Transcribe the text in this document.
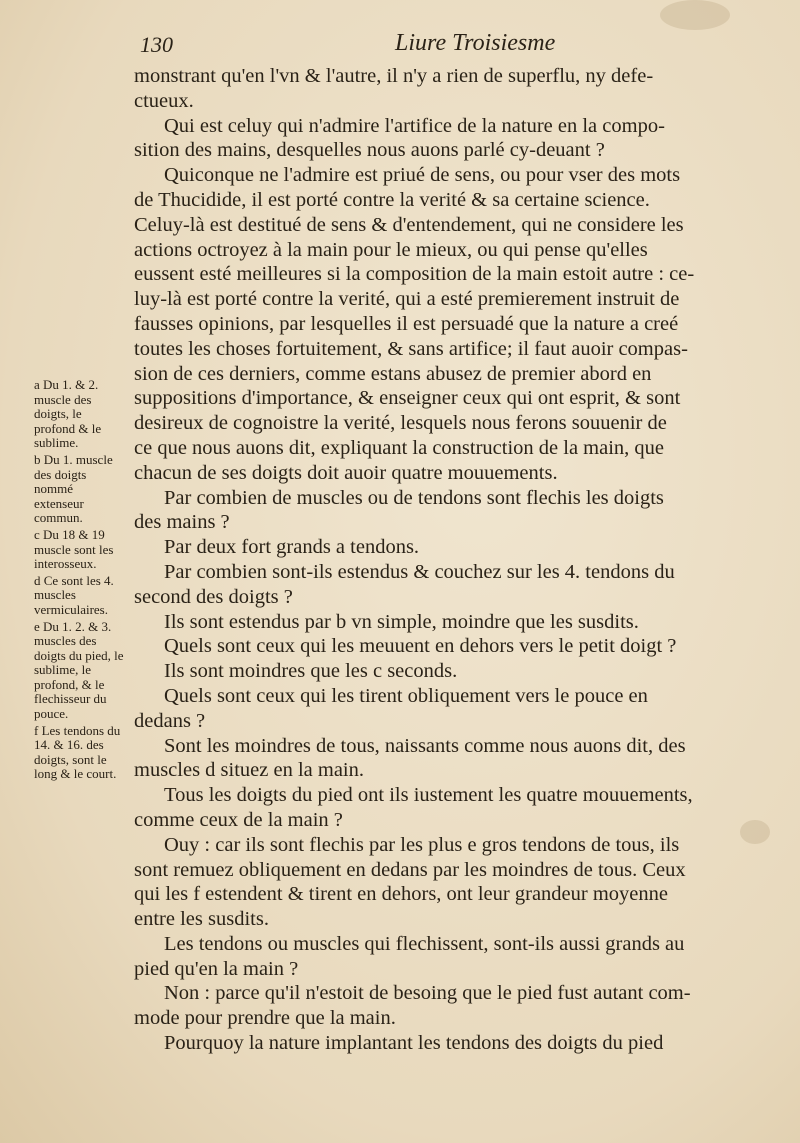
130	Liure Troisiesme

a Du 1. & 2. muscle des doigts, le profond & le sublime.

b Du 1. muscle des doigts nommé extenseur commun.

c Du 18 & 19 muscle sont les interosseux.

d Ce sont les 4. muscles vermiculaires.

e Du 1. 2. & 3. muscles des doigts du pied, le sublime, le profond, & le flechisseur du pouce.

f Les tendons du 14. & 16. des doigts, sont le long & le court.

monstrant qu'en l'vn & l'autre, il n'y a rien de superflu, ny defe-
ctueux.
Qui est celuy qui n'admire l'artifice de la nature en la compo-
sition des mains, desquelles nous auons parlé cy-deuant ?
Quiconque ne l'admire est priué de sens, ou pour vser des mots
de Thucidide, il est porté contre la verité & sa certaine science.
Celuy-là est destitué de sens & d'entendement, qui ne considere les
actions octroyez à la main pour le mieux, ou qui pense qu'elles
eussent esté meilleures si la composition de la main estoit autre : ce-
luy-là est porté contre la verité, qui a esté premierement instruit de
fausses opinions, par lesquelles il est persuadé que la nature a creé
toutes les choses fortuitement, & sans artifice; il faut auoir compas-
sion de ces derniers, comme estans abusez de premier abord en
suppositions d'importance, & enseigner ceux qui ont esprit, & sont
desireux de cognoistre la verité, lesquels nous ferons souuenir de
ce que nous auons dit, expliquant la construction de la main, que
chacun de ses doigts doit auoir quatre mouuements.
Par combien de muscles ou de tendons sont flechis les doigts
des mains ?
Par deux fort grands a tendons.
Par combien sont-ils estendus & couchez sur les 4. tendons du
second des doigts ?
Ils sont estendus par b vn simple, moindre que les susdits.
Quels sont ceux qui les meuuent en dehors vers le petit doigt ?
Ils sont moindres que les c seconds.
Quels sont ceux qui les tirent obliquement vers le pouce en
dedans ?
Sont les moindres de tous, naissants comme nous auons dit, des
muscles d situez en la main.
Tous les doigts du pied ont ils iustement les quatre mouuements,
comme ceux de la main ?
Ouy : car ils sont flechis par les plus e gros tendons de tous, ils
sont remuez obliquement en dedans par les moindres de tous. Ceux
qui les f estendent & tirent en dehors, ont leur grandeur moyenne
entre les susdits.
Les tendons ou muscles qui flechissent, sont-ils aussi grands au
pied qu'en la main ?
Non : parce qu'il n'estoit de besoing que le pied fust autant com-
mode pour prendre que la main.
Pourquoy la nature implantant les tendons des doigts du pied
